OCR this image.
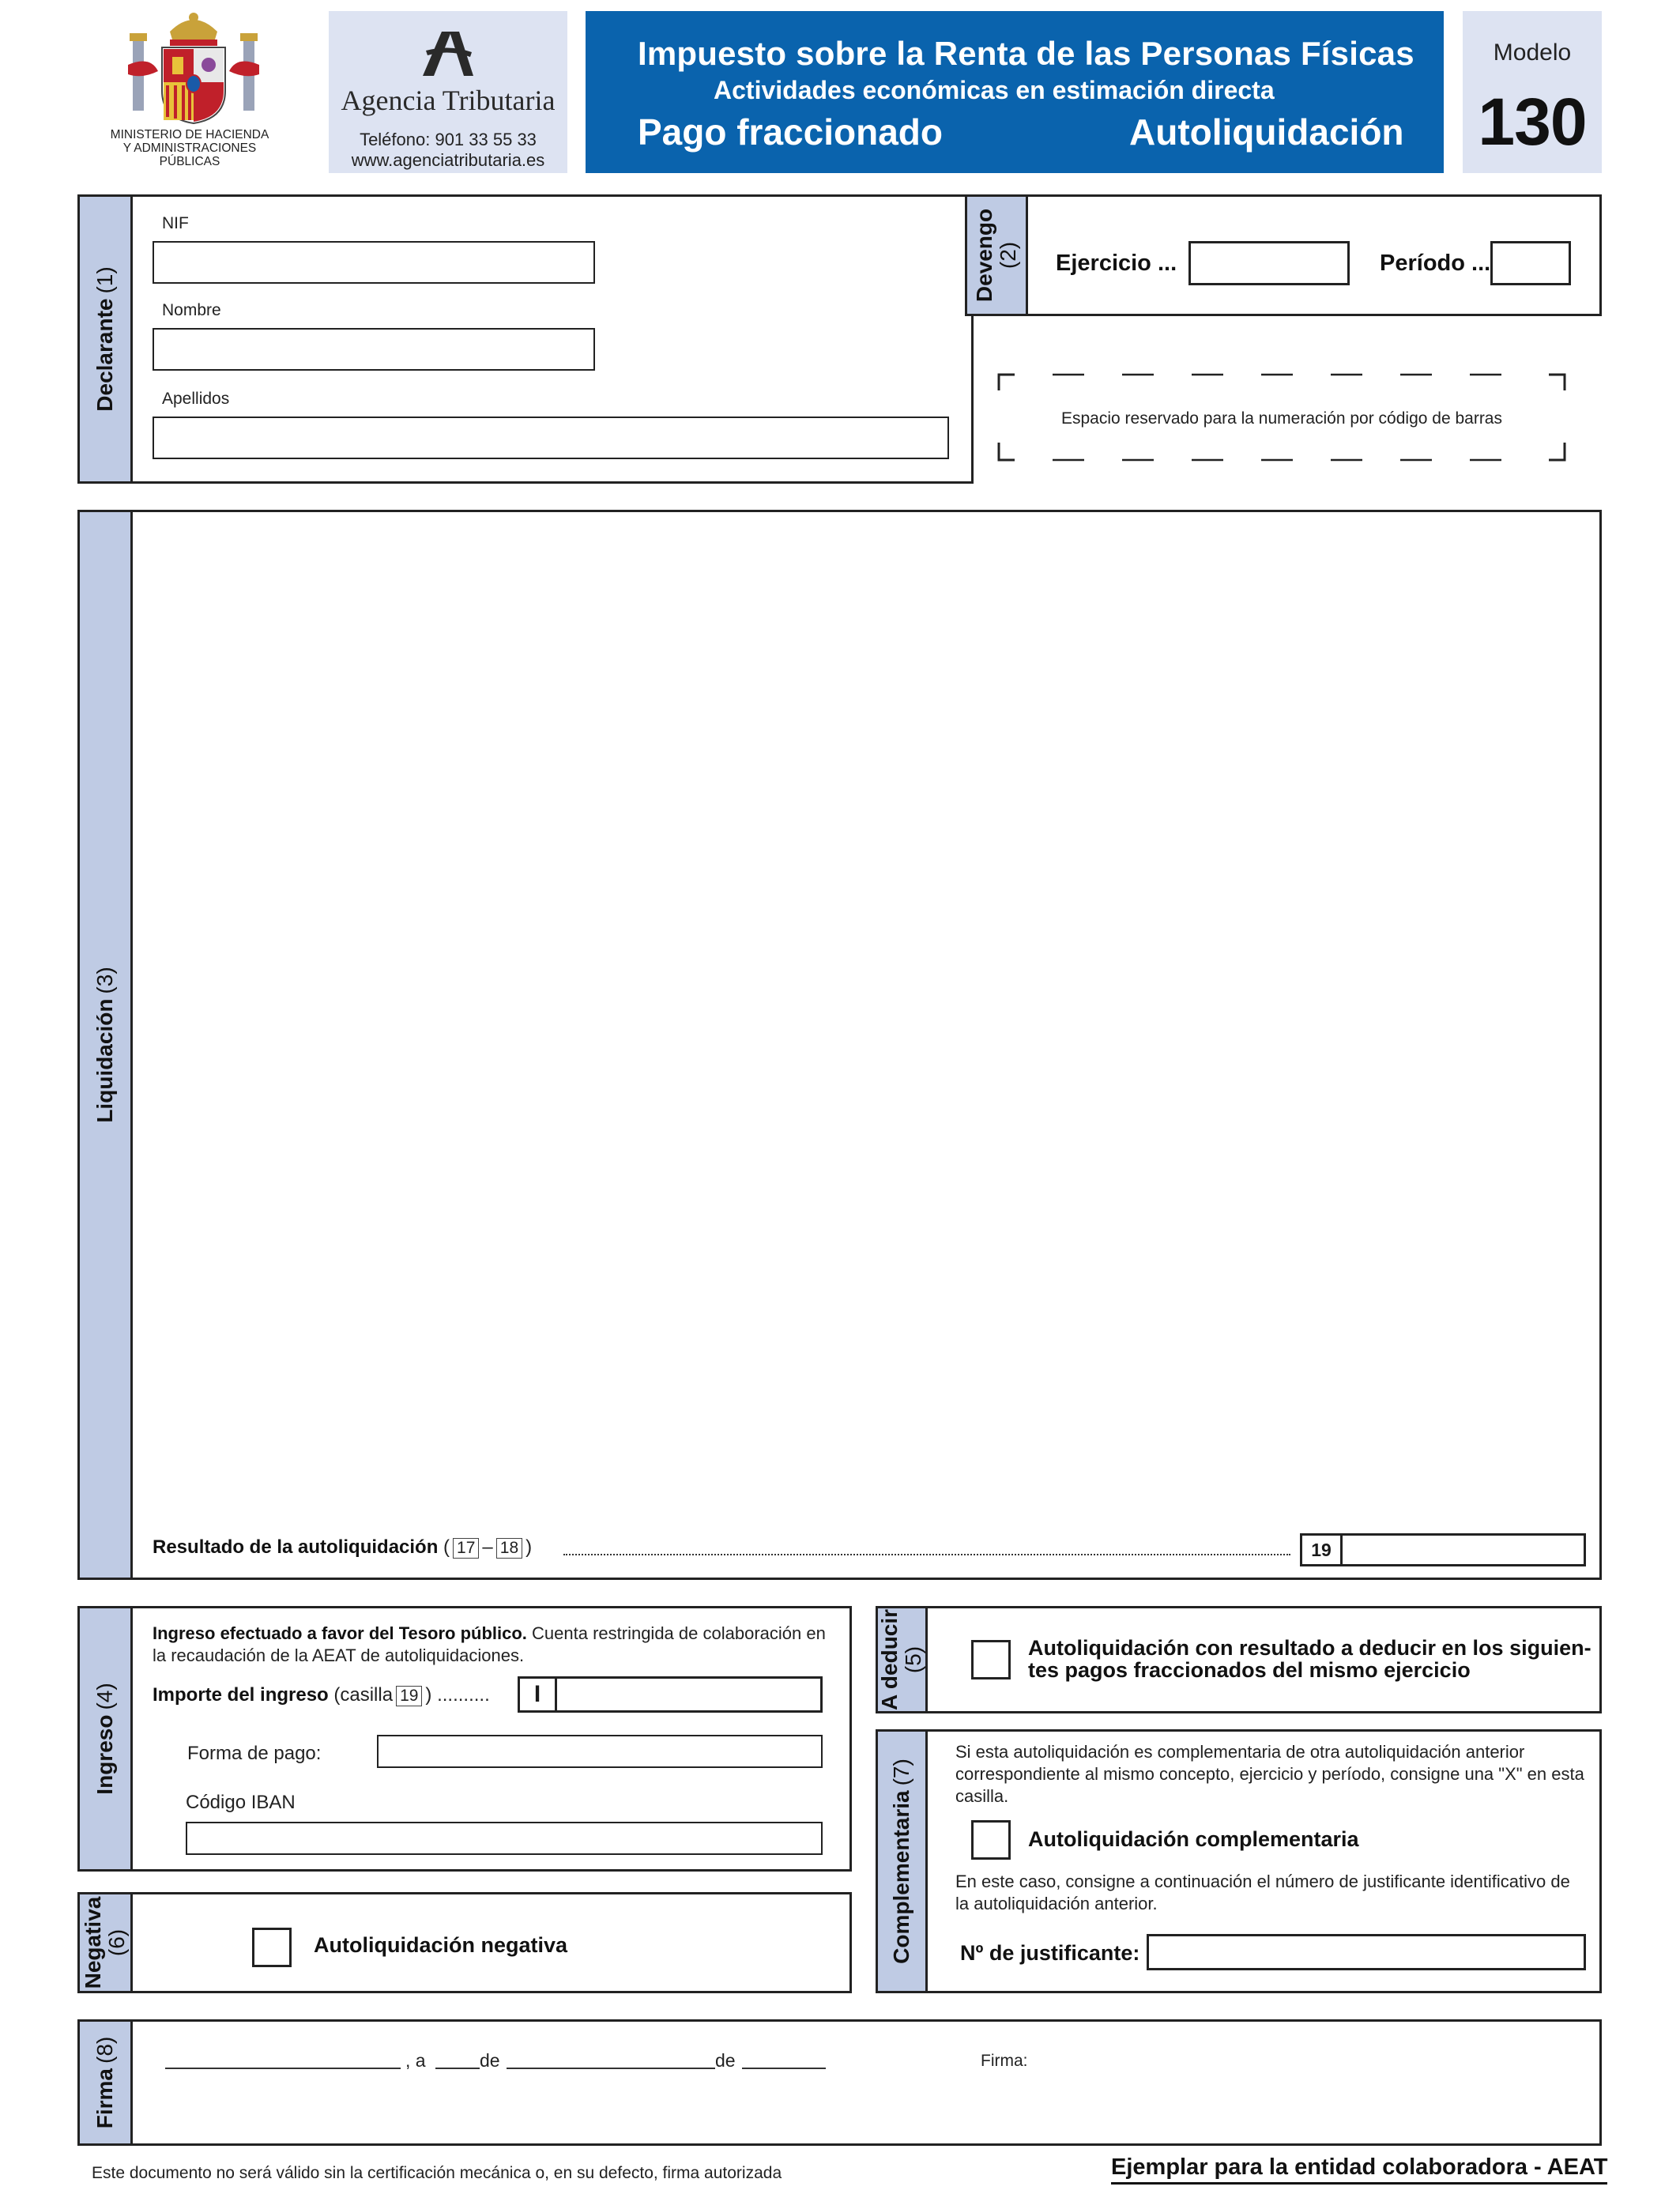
MINISTERIO DE HACIENDA
Y ADMINISTRACIONES
PÚBLICAS
Agencia Tributaria
Teléfono: 901 33 55 33
www.agenciatributaria.es
Impuesto sobre la Renta de las Personas Físicas
Actividades económicas en estimación directa
Pago fraccionado	Autoliquidación
Modelo
130
Declarante(1)
NIF
Nombre
Apellidos
Devengo
(2) Ejercicio ...	Período ...
Espacio reservado para la numeración por código de barras
Liquidación(3)
Resultado de la autoliquidación ( 17 – 18 )	19
Ingreso(4)
Ingreso efectuado a favor del Tesoro público. Cuenta restringida de colaboración en la recaudación de la AEAT de autoliquidaciones.
Importe del ingreso (casilla 19 ) ..........	I
Forma de pago:
Código IBAN
A deducir
(5)	Autoliquidación con resultado a deducir en los siguien-
tes pagos fraccionados del mismo ejercicio
Complementaria(7)
Si esta autoliquidación es complementaria de otra autoliquidación anterior correspondiente al mismo concepto, ejercicio y período, consigne una "X" en esta casilla.
Autoliquidación complementaria
En este caso, consigne a continuación el número de justificante identificativo de la autoliquidación anterior.
Nº de justificante:
Negativa
(6)	Autoliquidación negativa
Firma(8)	, a	de	de	Firma:
Este documento no será válido sin la certificación mecánica o, en su defecto, firma autorizada	Ejemplar para la entidad colaboradora - AEAT
